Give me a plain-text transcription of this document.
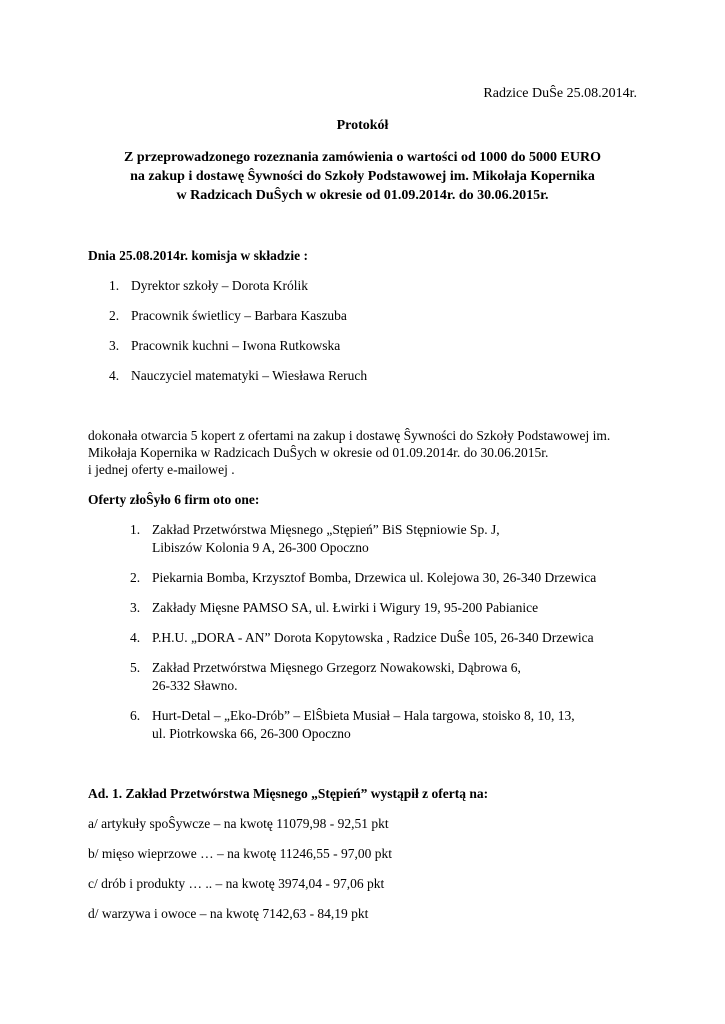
Radzice DuŜe 25.08.2014r.
Protokół
Z przeprowadzonego rozeznania zamówienia o wartości od 1000 do 5000 EURO
na zakup i dostawę Ŝywności do Szkoły Podstawowej im. Mikołaja Kopernika
w Radzicach DuŜych w okresie od 01.09.2014r. do 30.06.2015r.
Dnia 25.08.2014r. komisja w składzie :
1. Dyrektor szkoły – Dorota Królik
2. Pracownik świetlicy – Barbara Kaszuba
3. Pracownik kuchni – Iwona Rutkowska
4. Nauczyciel matematyki – Wiesława Reruch
dokonała otwarcia 5 kopert z ofertami na zakup i dostawę Ŝywności do Szkoły Podstawowej im.
Mikołaja Kopernika w Radzicach DuŜych w okresie od 01.09.2014r. do 30.06.2015r.
i jednej oferty e-mailowej .
Oferty złoŜyło 6 firm oto one:
1. Zakład Przetwórstwa Mięsnego „Stępień” BiS Stępniowie Sp. J,
Libiszów Kolonia 9 A, 26-300 Opoczno
2. Piekarnia Bomba, Krzysztof Bomba, Drzewica ul. Kolejowa 30, 26-340 Drzewica
3. Zakłady Mięsne PAMSO SA, ul. Łwirki i Wigury 19, 95-200 Pabianice
4. P.H.U. „DORA - AN” Dorota Kopytowska , Radzice DuŜe 105, 26-340 Drzewica
5. Zakład Przetwórstwa Mięsnego Grzegorz Nowakowski, Dąbrowa 6,
26-332 Sławno.
6. Hurt-Detal – „Eko-Drób” – ElŜbieta Musiał – Hala targowa, stoisko 8, 10, 13,
ul. Piotrkowska 66, 26-300 Opoczno
Ad. 1. Zakład Przetwórstwa Mięsnego „Stępień” wystąpił z ofertą na:
a/ artykuły spoŜywcze – na kwotę 11079,98 - 92,51 pkt
b/ mięso wieprzowe … – na kwotę 11246,55 - 97,00 pkt
c/ drób i produkty … .. – na kwotę 3974,04 - 97,06 pkt
d/ warzywa i owoce – na kwotę 7142,63 - 84,19 pkt
